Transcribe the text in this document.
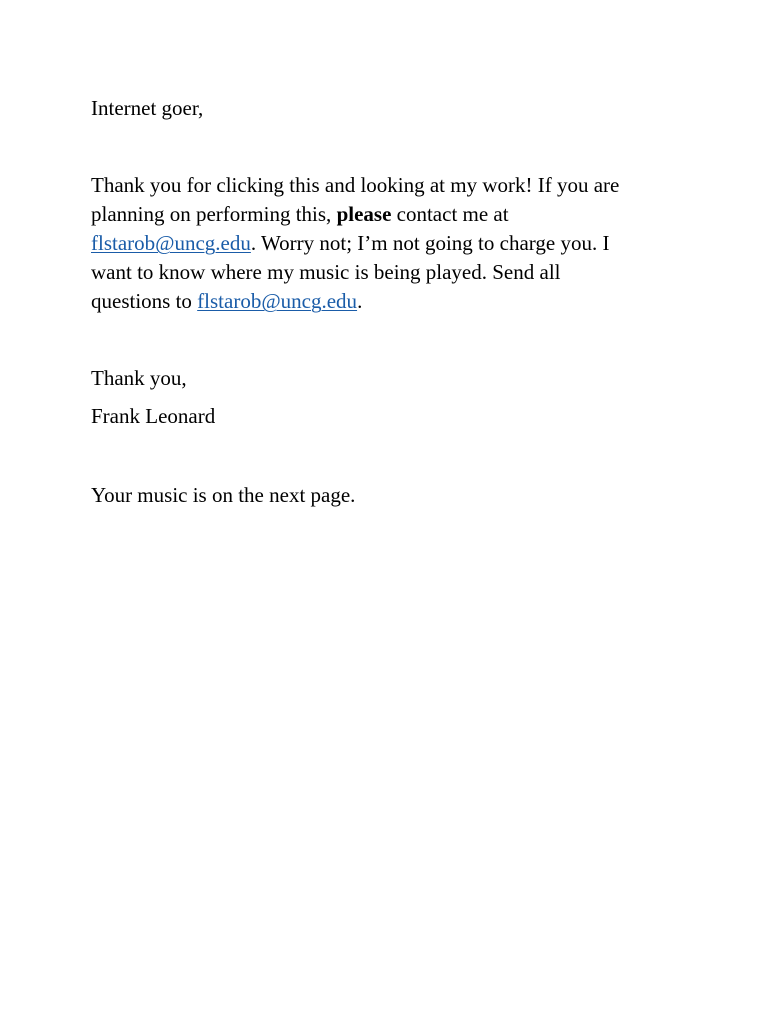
Internet goer,
Thank you for clicking this and looking at my work! If you are
planning on performing this, please contact me at
flstarob@uncg.edu. Worry not; I’m not going to charge you. I
want to know where my music is being played. Send all
questions to flstarob@uncg.edu.
Thank you,
Frank Leonard
Your music is on the next page.
